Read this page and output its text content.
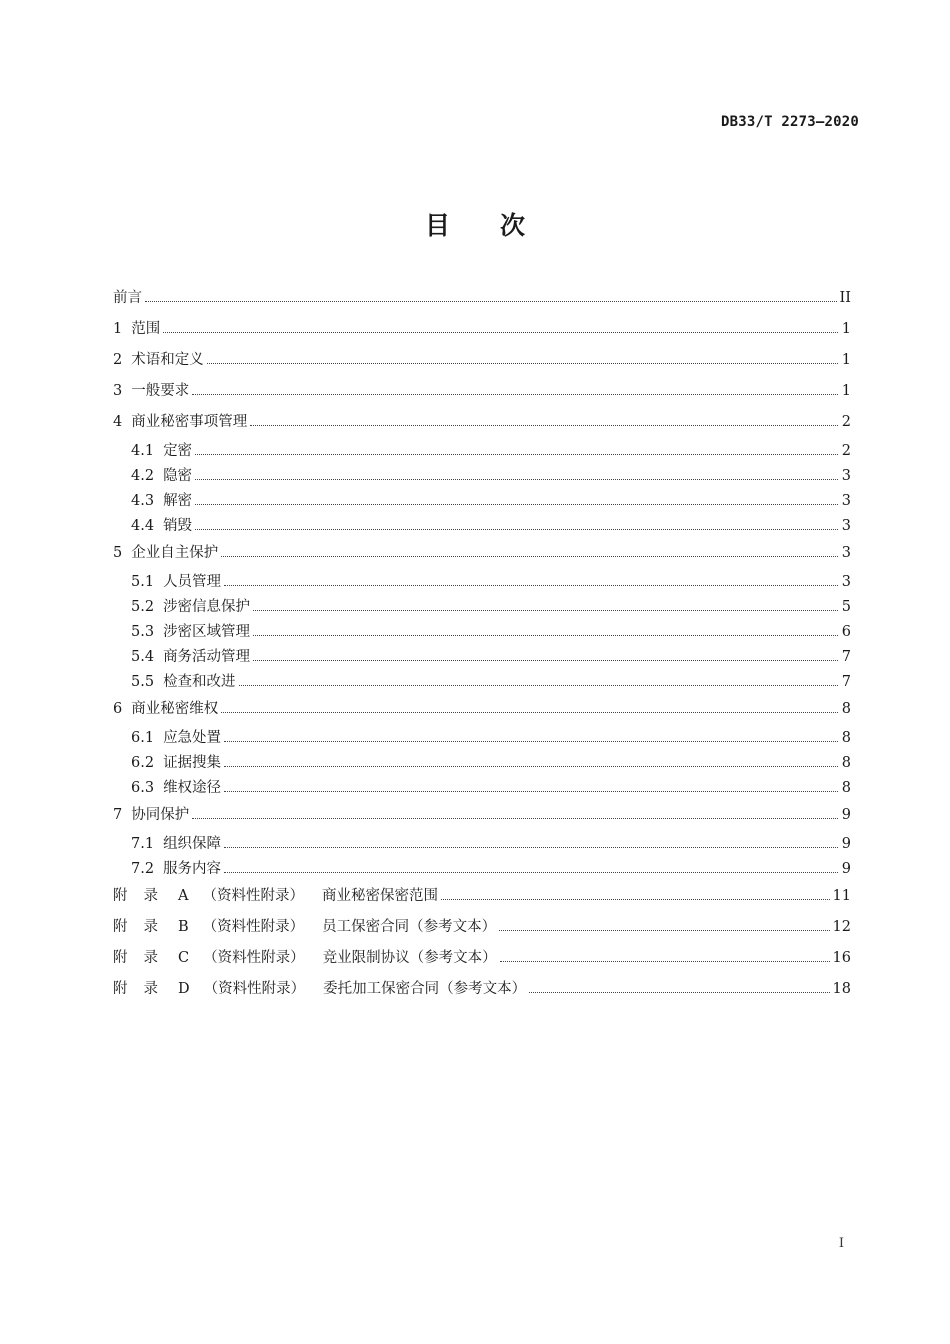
DB33/T 2273—2020
目 次
前言	II
1 范围	1
2 术语和定义	1
3 一般要求	1
4 商业秘密事项管理	2
4.1 定密	2
4.2 隐密	3
4.3 解密	3
4.4 销毁	3
5 企业自主保护	3
5.1 人员管理	3
5.2 涉密信息保护	5
5.3 涉密区域管理	6
5.4 商务活动管理	7
5.5 检查和改进	7
6 商业秘密维权	8
6.1 应急处置	8
6.2 证据搜集	8
6.3 维权途径	8
7 协同保护	9
7.1 组织保障	9
7.2 服务内容	9
附录 A （资料性附录） 商业秘密保密范围	11
附录 B （资料性附录） 员工保密合同（参考文本）	12
附录 C （资料性附录） 竞业限制协议（参考文本）	16
附录 D （资料性附录） 委托加工保密合同（参考文本）	18
I
